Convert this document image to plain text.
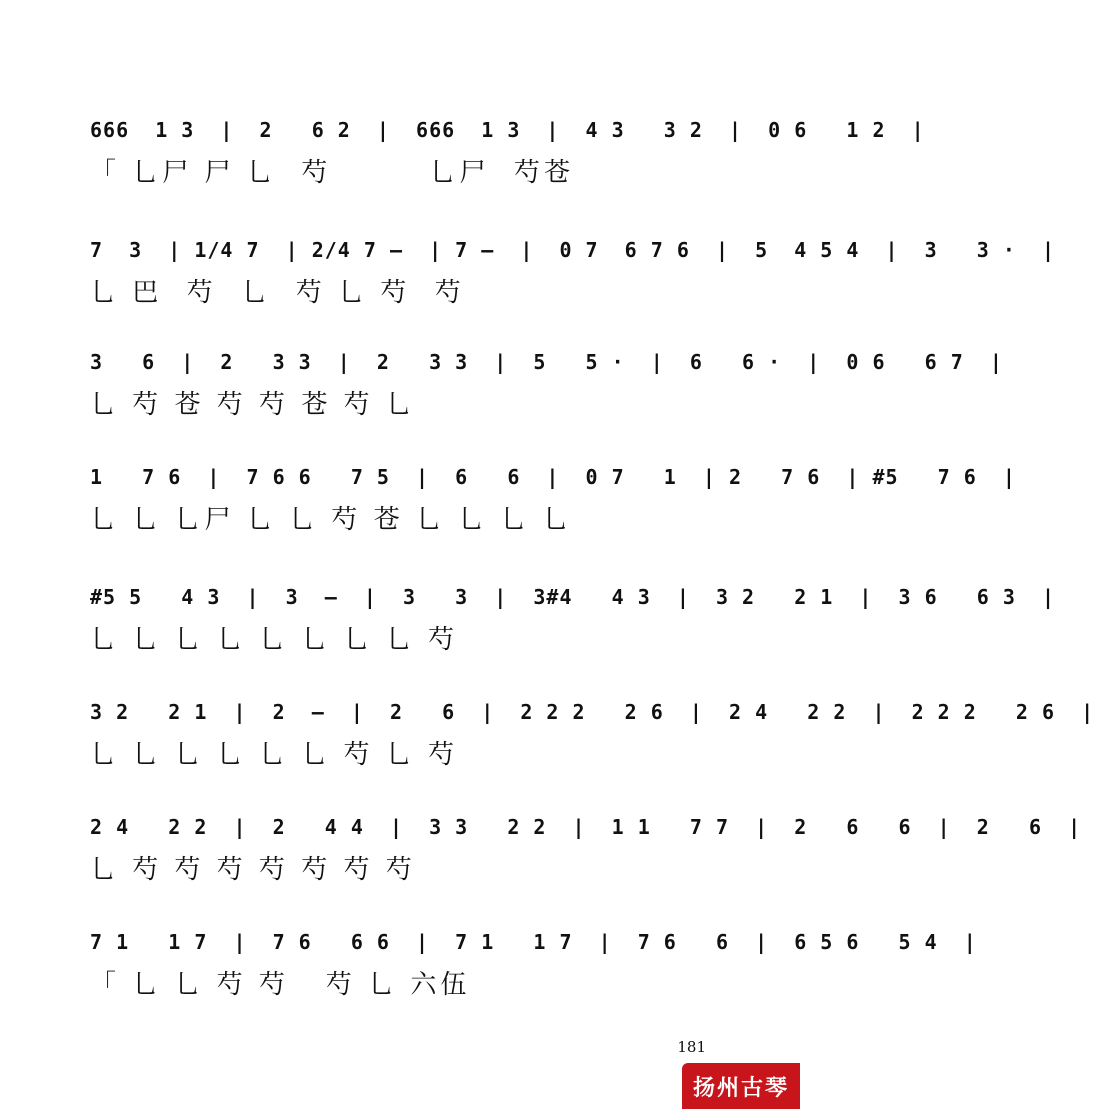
666  1 3  |  2   6 2  |  666  1 3  |  4 3   3 2  |  0 6   1 2  |
「 乚尸 尸 乚  芍        乚尸  芍苍
7  3  | 1/4 7  | 2/4 7 —  | 7 —  |  0 7  6 7 6  |  5  4 5 4  |  3   3 ·  |
乚 巴  芍  乚  芍 乚 芍  芍
3   6  |  2   3 3  |  2   3 3  |  5   5 ·  |  6   6 ·  |  0 6   6 7  |
乚 芍 苍 芍 芍 苍 芍 乚
1   7 6  |  7 6 6   7 5  |  6   6  |  0 7   1  | 2   7 6  | #5   7 6  |
乚 乚 乚尸 乚 乚 芍 苍 乚 乚 乚 乚
#5 5   4 3  |  3  —  |  3   3  |  3#4   4 3  |  3 2   2 1  |  3 6   6 3  |
乚 乚 乚 乚 乚 乚 乚 乚 芍
3 2   2 1  |  2  —  |  2   6  |  2 2 2   2 6  |  2 4   2 2  |  2 2 2   2 6  |
乚 乚 乚 乚 乚 乚 芍 乚 芍
2 4   2 2  |  2   4 4  |  3 3   2 2  |  1 1   7 7  |  2   6   6  |  2   6  |
乚 芍 芍 芍 芍 芍 芍 芍
7 1   1 7  |  7 6   6 6  |  7 1   1 7  |  7 6   6  |  6 5 6   5 4  |
「 乚 乚 芍 芍   芍 乚 六伍
181
扬州古琴
